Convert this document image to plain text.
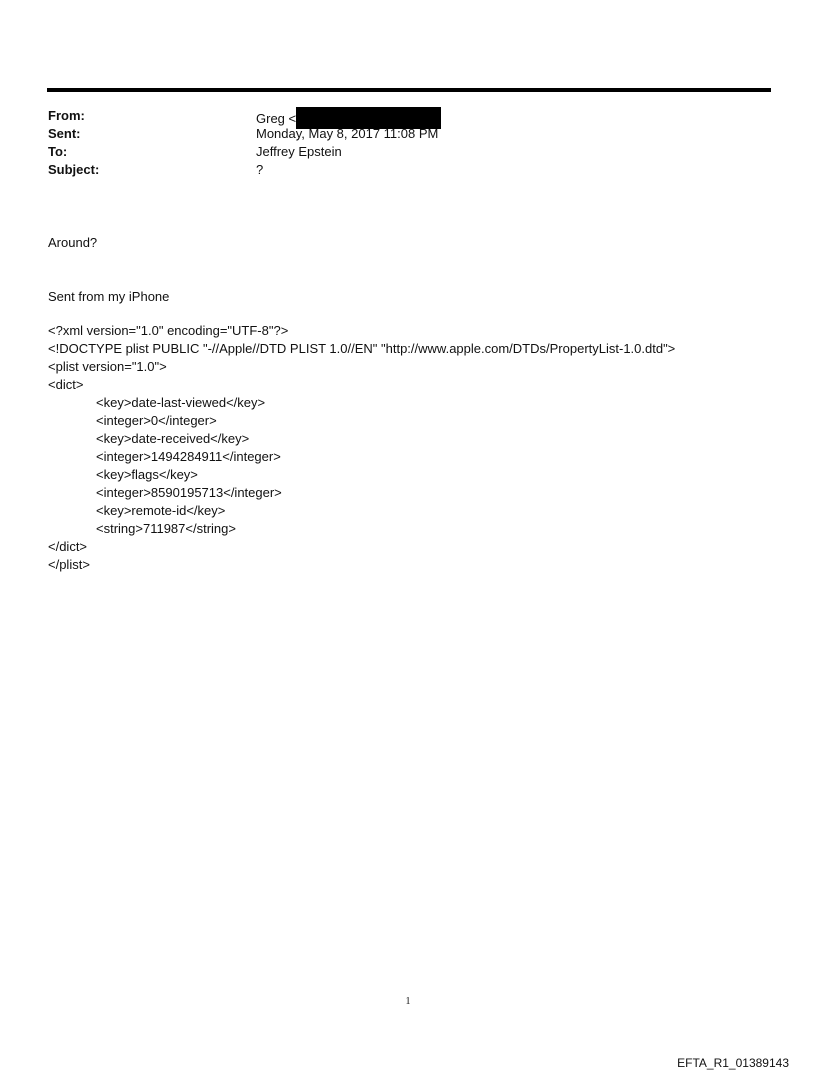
From:	Greg <
Sent:	Monday, May 8, 2017 11:08 PM
To:	Jeffrey Epstein
Subject:	?
Around?
Sent from my iPhone
<?xml version="1.0" encoding="UTF-8"?>
<!DOCTYPE plist PUBLIC "-//Apple//DTD PLIST 1.0//EN" "http://www.apple.com/DTDs/PropertyList-1.0.dtd">
<plist version="1.0">
<dict>
<key>date-last-viewed</key>
<integer>0</integer>
<key>date-received</key>
<integer>1494284911</integer>
<key>flags</key>
<integer>8590195713</integer>
<key>remote-id</key>
<string>711987</string>
</dict>
</plist>
1
EFTA_R1_01389143
